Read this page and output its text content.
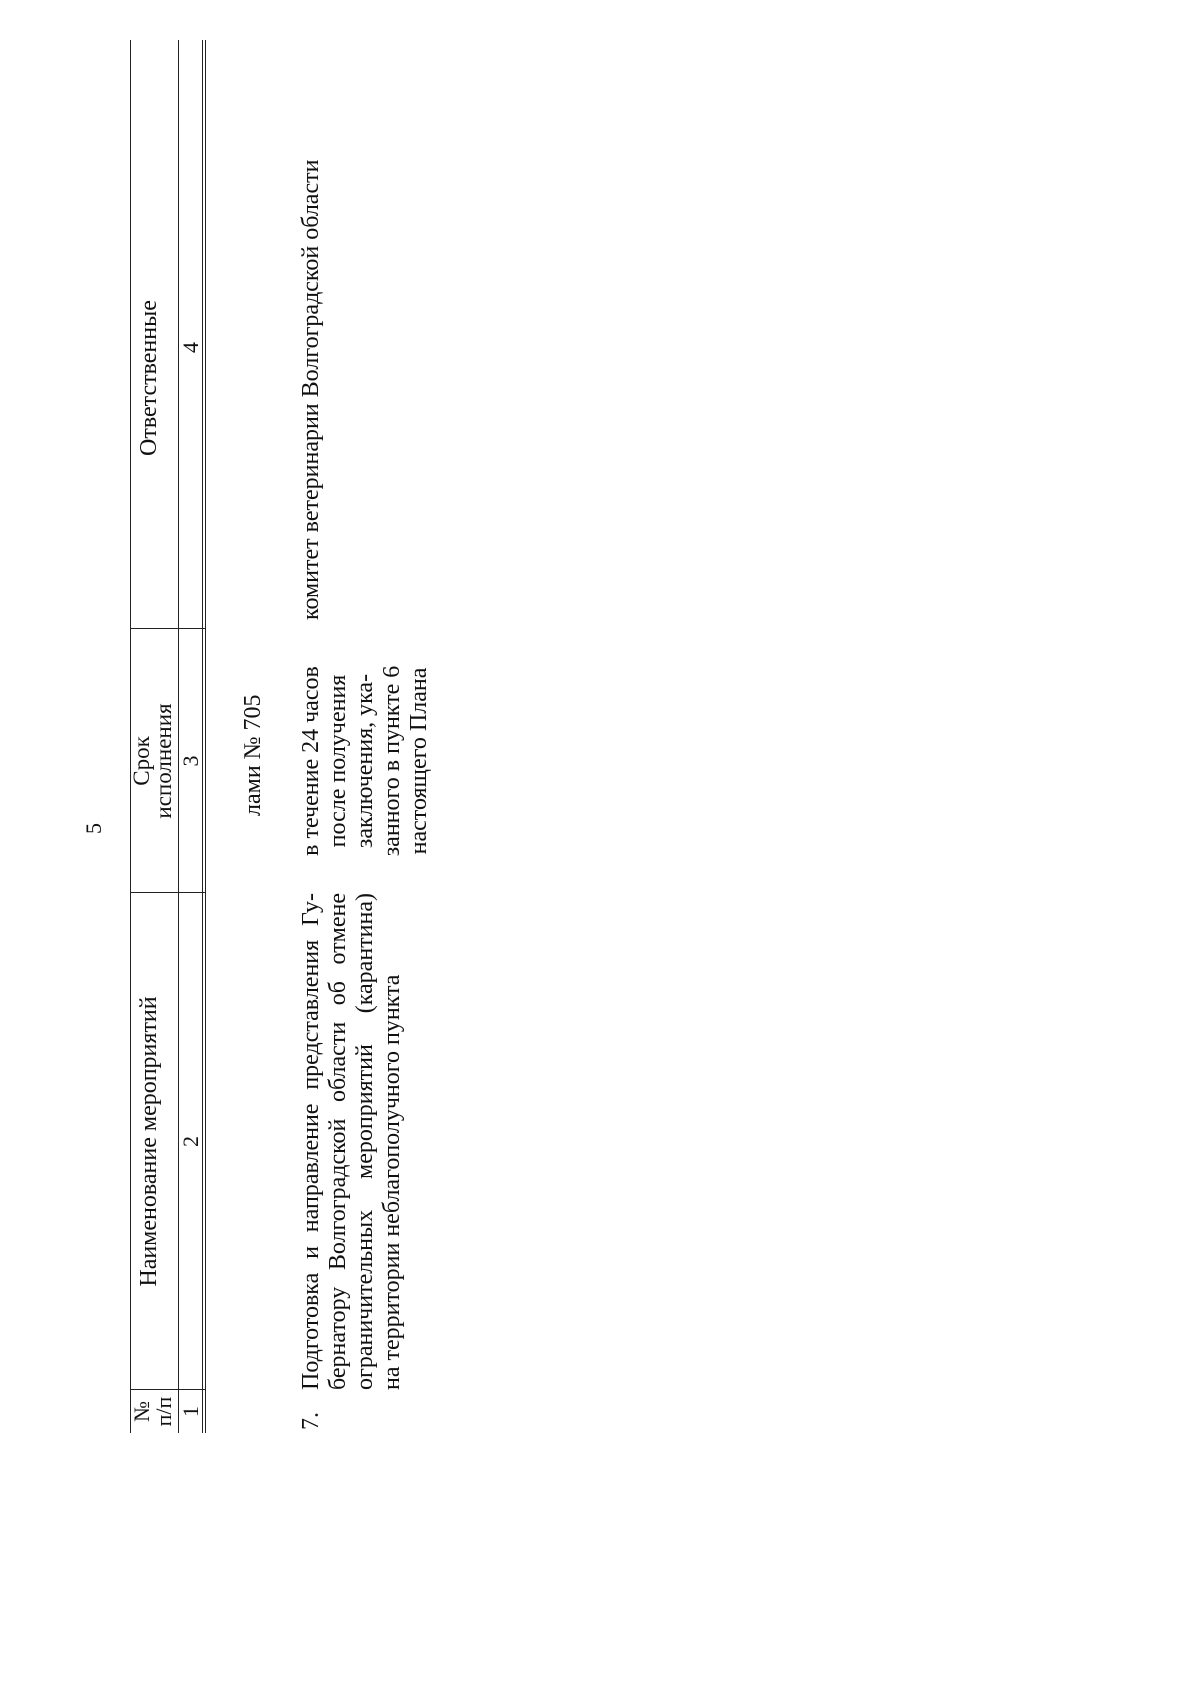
5
№
п/п
Наименование мероприятий
Срок
исполнения
Ответственные
1
2
3
4
лами № 705
7.
Подготовка и направление представления Гу- бернатору Волгоградской области об отмене ограничительных мероприятий (карантина) на территории неблагополучного пункта
в течение 24 часов после получения заключения, ука- занного в пункте 6 настоящего Плана
комитет ветеринарии Волгоградской области
